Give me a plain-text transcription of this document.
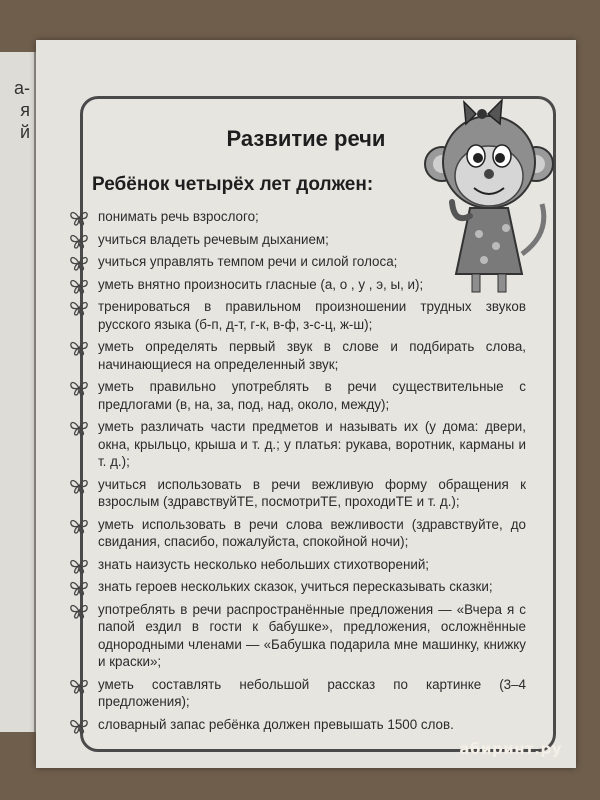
а-
я
й	Развитие речи
Ребёнок четырёх лет должен:
понимать речь взрослого;
учиться владеть речевым дыханием;
учиться управлять темпом речи и силой голоса;
уметь внятно произносить гласные (а, о , у , э, ы, и);
тренироваться в правильном произношении трудных звуков русского языка (б-п, д-т, г-к, в-ф, з-с-ц, ж-ш);
уметь определять первый звук в слове и подбирать слова, начинающиеся на определенный звук;
уметь правильно употреблять в речи существительные с предлогами (в, на, за, под, над, около, между);
уметь различать части предметов и называть их (у дома: двери, окна, крыльцо, крыша и т. д.; у платья: рукава, воротник, карманы и т. д.);
учиться использовать в речи вежливую форму обращения к взрослым (здравствуйТЕ, посмотриТЕ, проходиТЕ и т. д.);
уметь использовать в речи слова вежливости (здравствуйте, до свидания, спасибо, пожалуйста, спокойной ночи);
знать наизусть несколько небольших стихотворений;
знать героев нескольких сказок, учиться пересказывать сказки;
употреблять в речи распространённые предложения — «Вчера я с папой ездил в гости к бабушке», предложения, осложнённые однородными членами — «Бабушка подарила мне машинку, книжку и краски»;
уметь составлять небольшой рассказ по картинке (3–4 предложения);
словарный запас ребёнка должен превышать 1500 слов.
абиринт.ру
